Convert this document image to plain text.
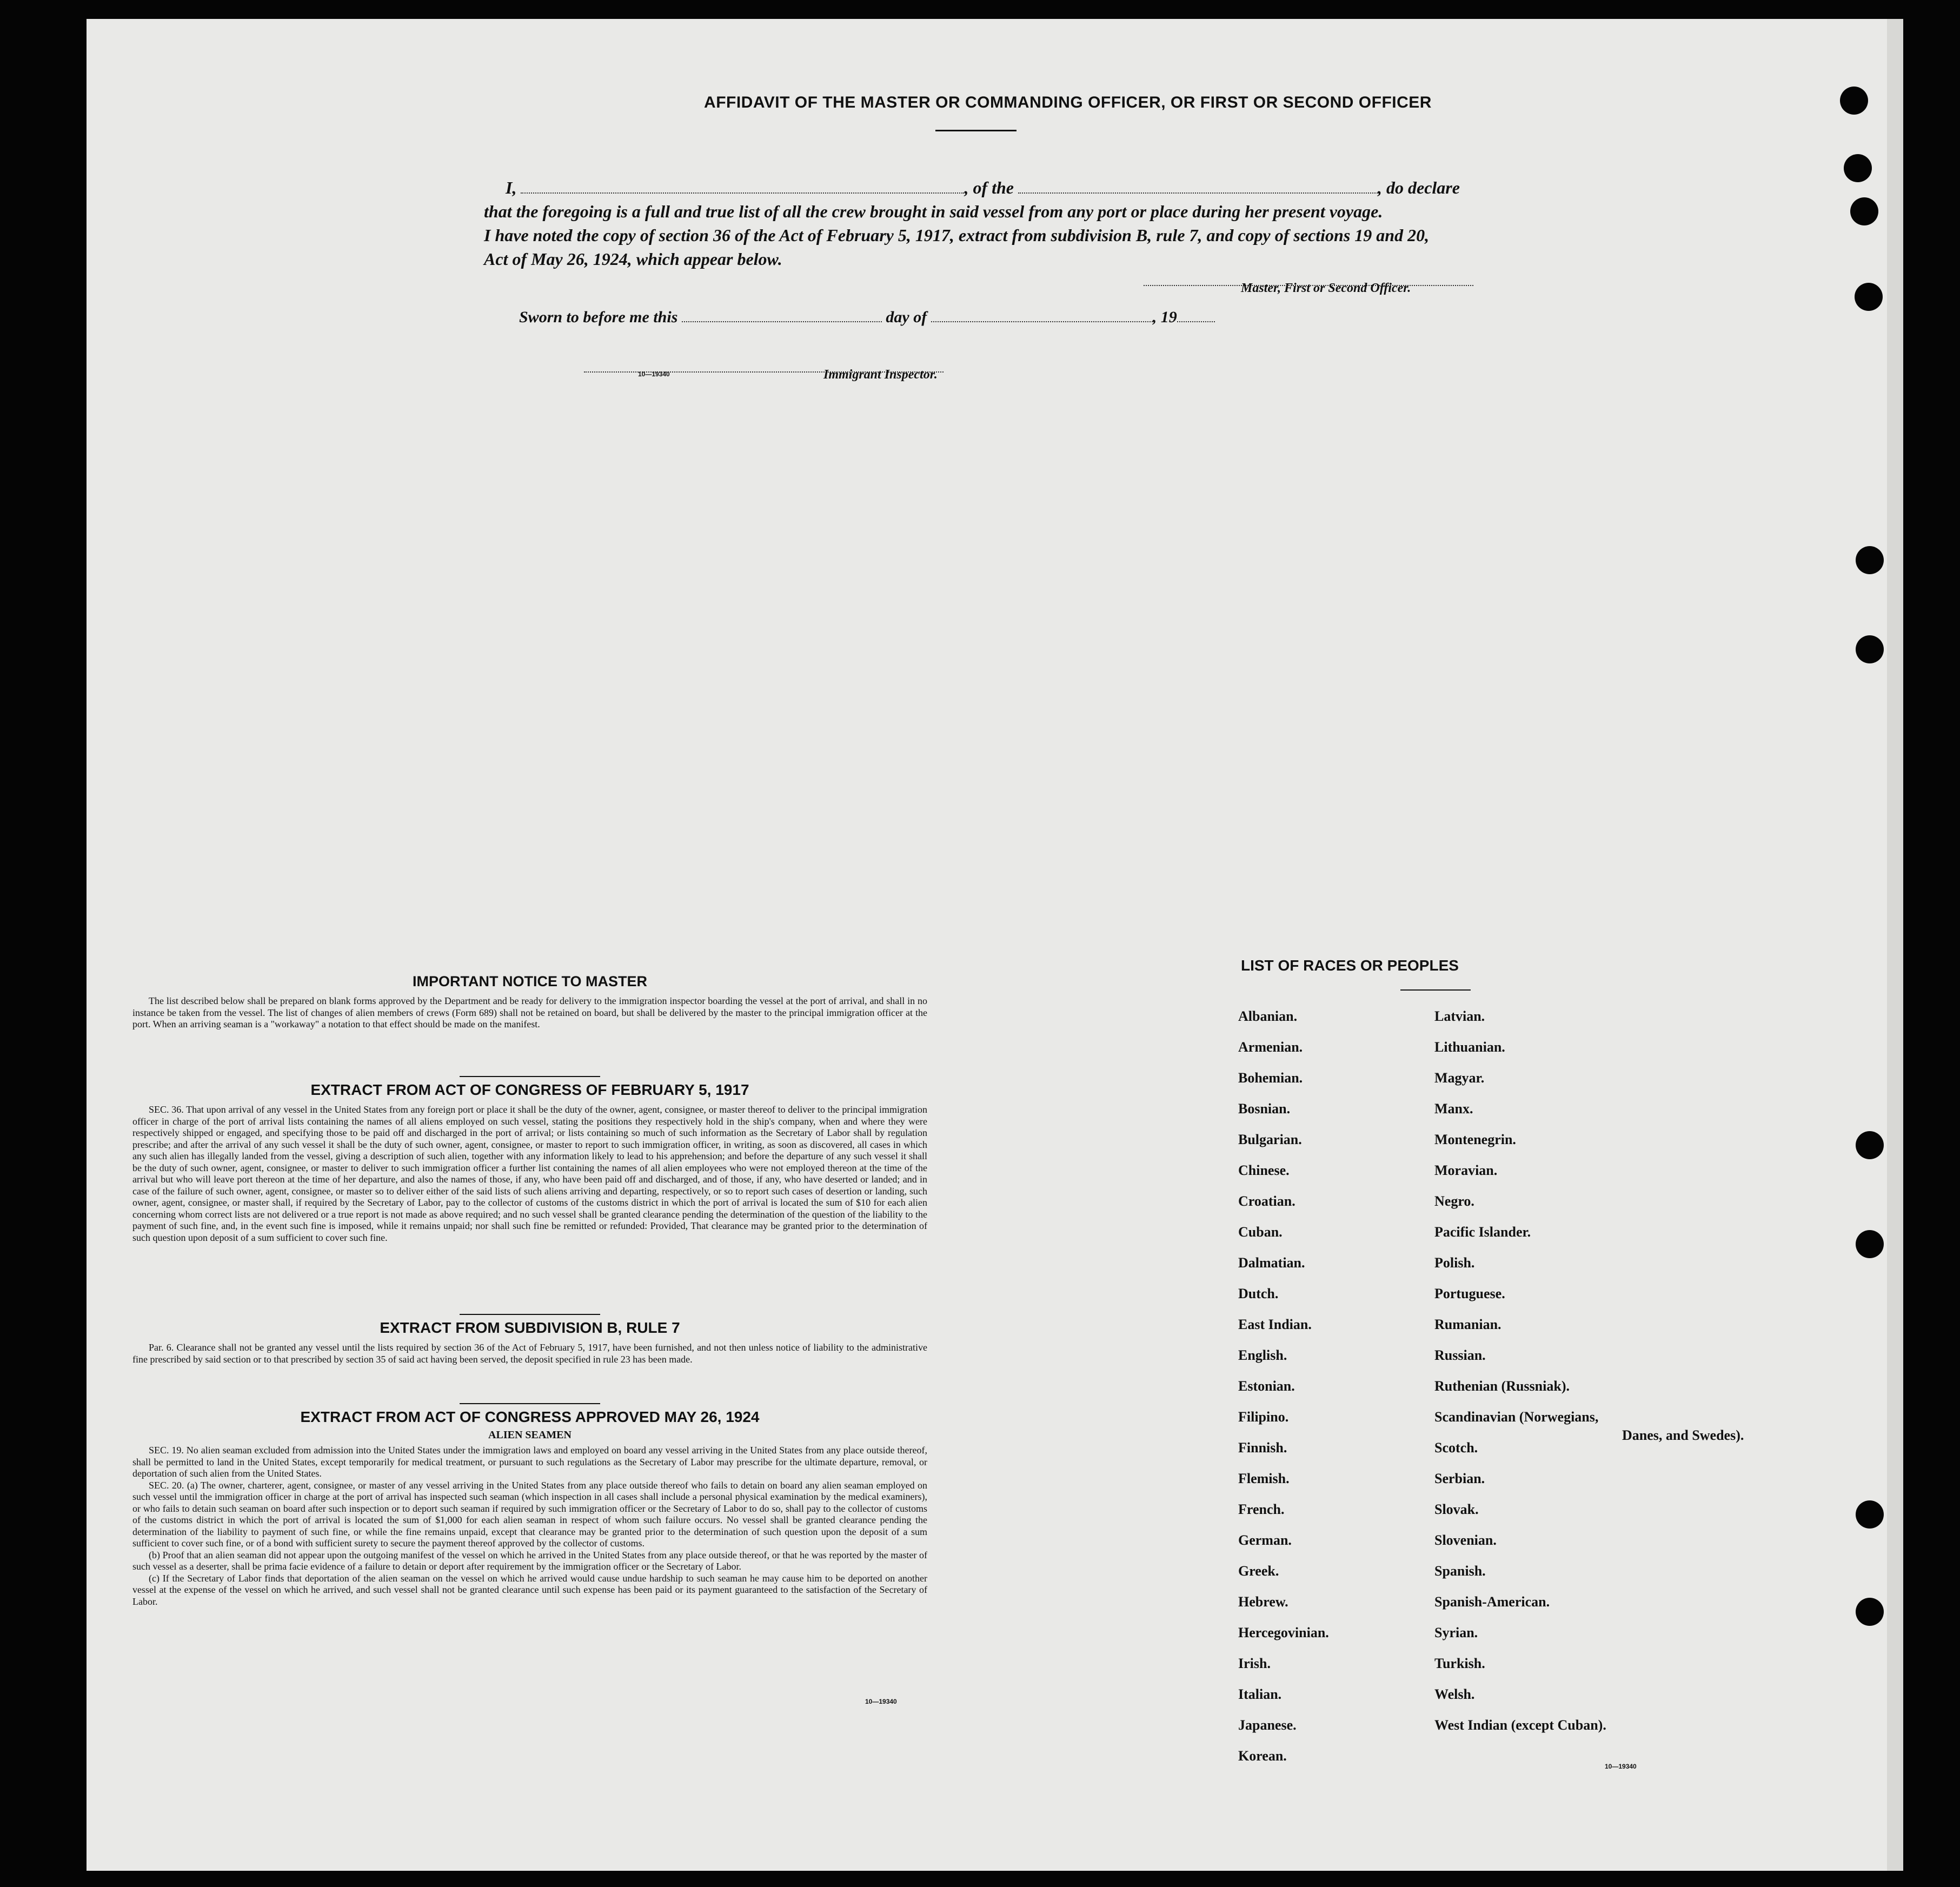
AFFIDAVIT OF THE MASTER OR COMMANDING OFFICER, OR FIRST OR SECOND OFFICER
I,	, of the	, do declare
that the foregoing is a full and true list of all the crew brought in said vessel from any port or place during her present voyage.
I have noted the copy of section 36 of the Act of February 5, 1917, extract from subdivision B, rule 7, and copy of sections 19 and 20,
Act of May 26, 1924, which appear below.
Master, First or Second Officer.
Sworn to before me this	day of	, 19
10—19340	Immigrant Inspector.
IMPORTANT NOTICE TO MASTER
The list described below shall be prepared on blank forms approved by the Department and be ready for delivery to the immigration inspector boarding the vessel at the port of arrival, and shall in no instance be taken from the vessel. The list of changes of alien members of crews (Form 689) shall not be retained on board, but shall be delivered by the master to the principal immigration officer at the port. When an arriving seaman is a "workaway" a notation to that effect should be made on the manifest.
EXTRACT FROM ACT OF CONGRESS OF FEBRUARY 5, 1917
SEC. 36. That upon arrival of any vessel in the United States from any foreign port or place it shall be the duty of the owner, agent, consignee, or master thereof to deliver to the principal immigration officer in charge of the port of arrival lists containing the names of all aliens employed on such vessel, stating the positions they respectively hold in the ship's company, when and where they were respectively shipped or engaged, and specifying those to be paid off and discharged in the port of arrival; or lists containing so much of such information as the Secretary of Labor shall by regulation prescribe; and after the arrival of any such vessel it shall be the duty of such owner, agent, consignee, or master to report to such immigration officer, in writing, as soon as discovered, all cases in which any such alien has illegally landed from the vessel, giving a description of such alien, together with any information likely to lead to his apprehension; and before the departure of any such vessel it shall be the duty of such owner, agent, consignee, or master to deliver to such immigration officer a further list containing the names of all alien employees who were not employed thereon at the time of the arrival but who will leave port thereon at the time of her departure, and also the names of those, if any, who have been paid off and discharged, and of those, if any, who have deserted or landed; and in case of the failure of such owner, agent, consignee, or master so to deliver either of the said lists of such aliens arriving and departing, respectively, or so to report such cases of desertion or landing, such owner, agent, consignee, or master shall, if required by the Secretary of Labor, pay to the collector of customs of the customs district in which the port of arrival is located the sum of $10 for each alien concerning whom correct lists are not delivered or a true report is not made as above required; and no such vessel shall be granted clearance pending the determination of the question of the liability to the payment of such fine, and, in the event such fine is imposed, while it remains unpaid; nor shall such fine be remitted or refunded: Provided, That clearance may be granted prior to the determination of such question upon deposit of a sum sufficient to cover such fine.
EXTRACT FROM SUBDIVISION B, RULE 7
Par. 6. Clearance shall not be granted any vessel until the lists required by section 36 of the Act of February 5, 1917, have been furnished, and not then unless notice of liability to the administrative fine prescribed by said section or to that prescribed by section 35 of said act having been served, the deposit specified in rule 23 has been made.
EXTRACT FROM ACT OF CONGRESS APPROVED MAY 26, 1924
ALIEN SEAMEN
SEC. 19. No alien seaman excluded from admission into the United States under the immigration laws and employed on board any vessel arriving in the United States from any place outside thereof, shall be permitted to land in the United States, except temporarily for medical treatment, or pursuant to such regulations as the Secretary of Labor may prescribe for the ultimate departure, removal, or deportation of such alien from the United States.
SEC. 20. (a) The owner, charterer, agent, consignee, or master of any vessel arriving in the United States from any place outside thereof who fails to detain on board any alien seaman employed on such vessel until the immigration officer in charge at the port of arrival has inspected such seaman (which inspection in all cases shall include a personal physical examination by the medical examiners), or who fails to detain such seaman on board after such inspection or to deport such seaman if required by such immigration officer or the Secretary of Labor to do so, shall pay to the collector of customs of the customs district in which the port of arrival is located the sum of $1,000 for each alien seaman in respect of whom such failure occurs. No vessel shall be granted clearance pending the determination of the liability to payment of such fine, or while the fine remains unpaid, except that clearance may be granted prior to the determination of such question upon the deposit of a sum sufficient to cover such fine, or of a bond with sufficient surety to secure the payment thereof approved by the collector of customs.
(b) Proof that an alien seaman did not appear upon the outgoing manifest of the vessel on which he arrived in the United States from any place outside thereof, or that he was reported by the master of such vessel as a deserter, shall be prima facie evidence of a failure to detain or deport after requirement by the immigration officer or the Secretary of Labor.
(c) If the Secretary of Labor finds that deportation of the alien seaman on the vessel on which he arrived would cause undue hardship to such seaman he may cause him to be deported on another vessel at the expense of the vessel on which he arrived, and such vessel shall not be granted clearance until such expense has been paid or its payment guaranteed to the satisfaction of the Secretary of Labor.
10—19340
LIST OF RACES OR PEOPLES
Albanian.
Armenian.
Bohemian.
Bosnian.
Bulgarian.
Chinese.
Croatian.
Cuban.
Dalmatian.
Dutch.
East Indian.
English.
Estonian.
Filipino.
Finnish.
Flemish.
French.
German.
Greek.
Hebrew.
Hercegovinian.
Irish.
Italian.
Japanese.
Korean.
Latvian.
Lithuanian.
Magyar.
Manx.
Montenegrin.
Moravian.
Negro.
Pacific Islander.
Polish.
Portuguese.
Rumanian.
Russian.
Ruthenian (Russniak).
Scandinavian (Norwegians,
Scotch.
Serbian.
Slovak.
Slovenian.
Spanish.
Spanish-American.
Syrian.
Turkish.
Welsh.
West Indian (except Cuban).
Danes, and Swedes).
10—19340
